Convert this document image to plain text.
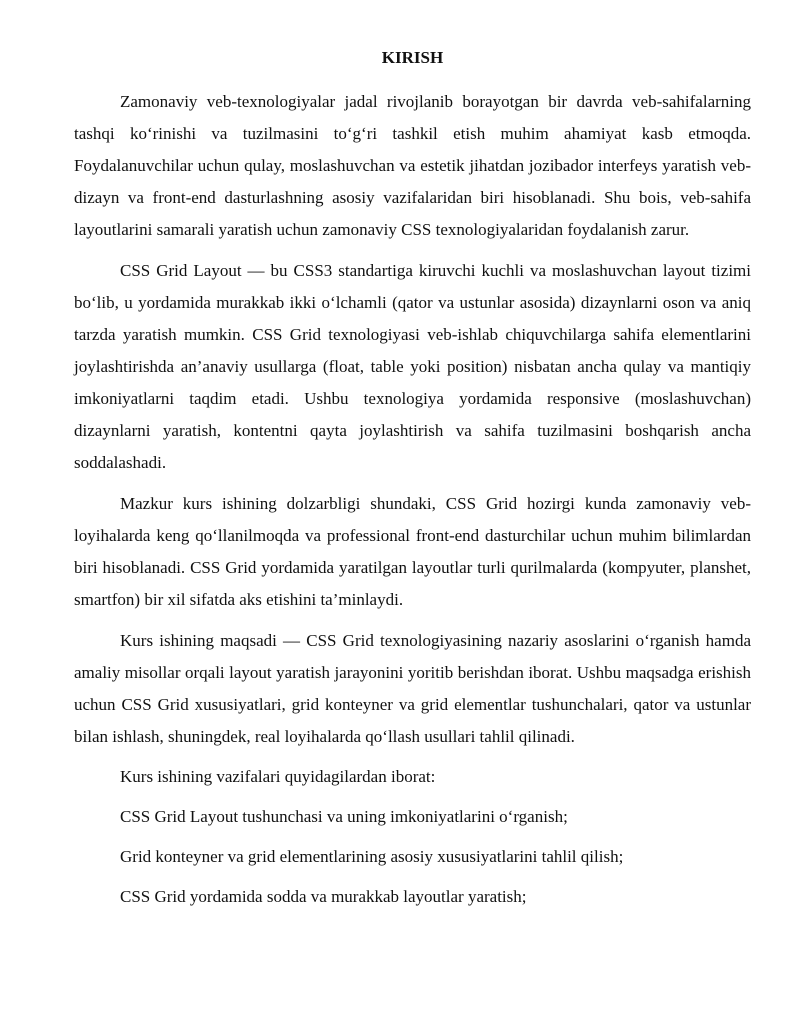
KIRISH

Zamonaviy veb-texnologiyalar jadal rivojlanib borayotgan bir davrda veb-sahifalarning tashqi ko‘rinishi va tuzilmasini to‘g‘ri tashkil etish muhim ahamiyat kasb etmoqda. Foydalanuvchilar uchun qulay, moslashuvchan va estetik jihatdan jozibador interfeys yaratish veb-dizayn va front-end dasturlashning asosiy vazifalaridan biri hisoblanadi. Shu bois, veb-sahifa layoutlarini samarali yaratish uchun zamonaviy CSS texnologiyalaridan foydalanish zarur.

CSS Grid Layout — bu CSS3 standartiga kiruvchi kuchli va moslashuvchan layout tizimi bo‘lib, u yordamida murakkab ikki o‘lchamli (qator va ustunlar asosida) dizaynlarni oson va aniq tarzda yaratish mumkin. CSS Grid texnologiyasi veb-ishlab chiquvchilarga sahifa elementlarini joylashtirishda an’anaviy usullarga (float, table yoki position) nisbatan ancha qulay va mantiqiy imkoniyatlarni taqdim etadi. Ushbu texnologiya yordamida responsive (moslashuvchan) dizaynlarni yaratish, kontentni qayta joylashtirish va sahifa tuzilmasini boshqarish ancha soddalashadi.

Mazkur kurs ishining dolzarbligi shundaki, CSS Grid hozirgi kunda zamonaviy veb-loyihalarda keng qo‘llanilmoqda va professional front-end dasturchilar uchun muhim bilimlardan biri hisoblanadi. CSS Grid yordamida yaratilgan layoutlar turli qurilmalarda (kompyuter, planshet, smartfon) bir xil sifatda aks etishini ta’minlaydi.

Kurs ishining maqsadi — CSS Grid texnologiyasining nazariy asoslarini o‘rganish hamda amaliy misollar orqali layout yaratish jarayonini yoritib berishdan iborat. Ushbu maqsadga erishish uchun CSS Grid xususiyatlari, grid konteyner va grid elementlar tushunchalari, qator va ustunlar bilan ishlash, shuningdek, real loyihalarda qo‘llash usullari tahlil qilinadi.

Kurs ishining vazifalari quyidagilardan iborat:

CSS Grid Layout tushunchasi va uning imkoniyatlarini o‘rganish;

Grid konteyner va grid elementlarining asosiy xususiyatlarini tahlil qilish;

CSS Grid yordamida sodda va murakkab layoutlar yaratish;
